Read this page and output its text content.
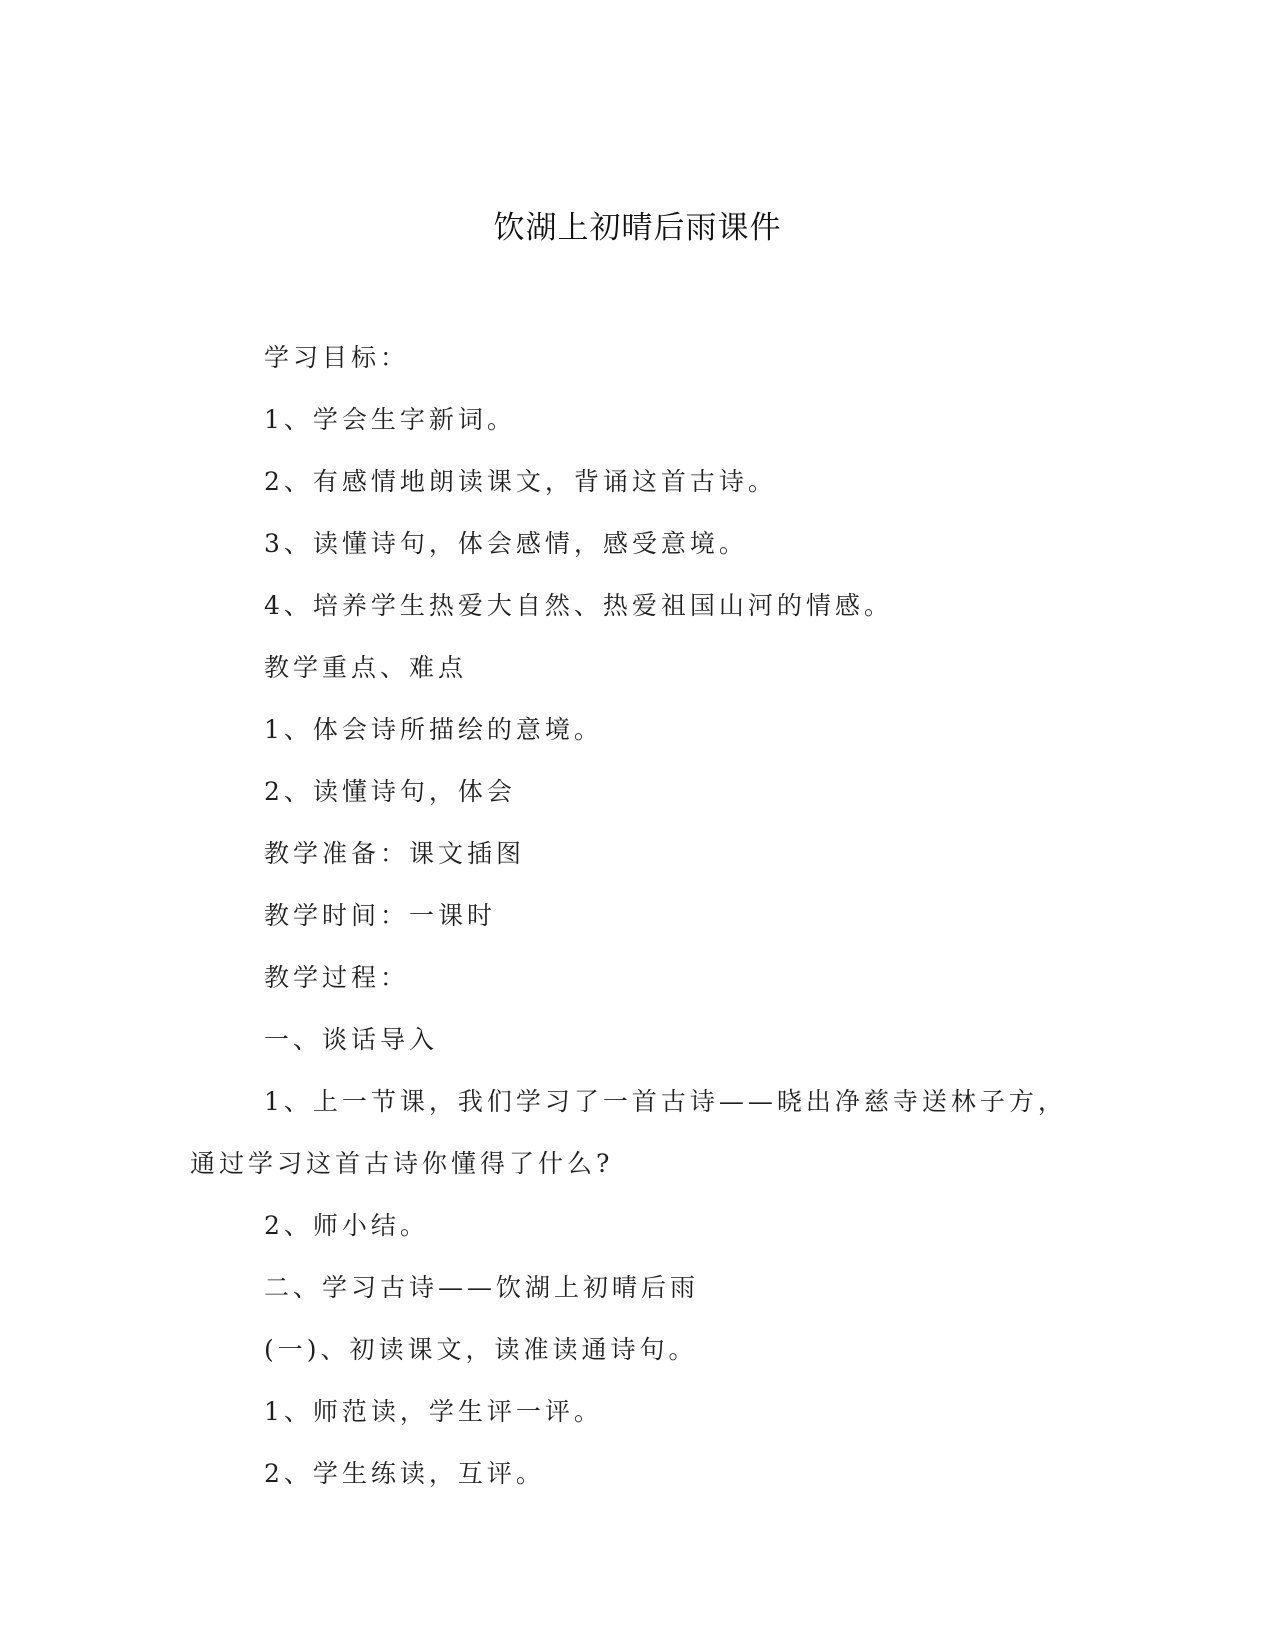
饮湖上初晴后雨课件
学习目标：
1、学会生字新词。
2、有感情地朗读课文，背诵这首古诗。
3、读懂诗句，体会感情，感受意境。
4、培养学生热爱大自然、热爱祖国山河的情感。
教学重点、难点
1、体会诗所描绘的意境。
2、读懂诗句，体会
教学准备：课文插图
教学时间：一课时
教学过程：
一、谈话导入
1、上一节课，我们学习了一首古诗——晓出净慈寺送林子方，
通过学习这首古诗你懂得了什么?
2、师小结。
二、学习古诗——饮湖上初晴后雨
(一)、初读课文，读准读通诗句。
1、师范读，学生评一评。
2、学生练读，互评。
